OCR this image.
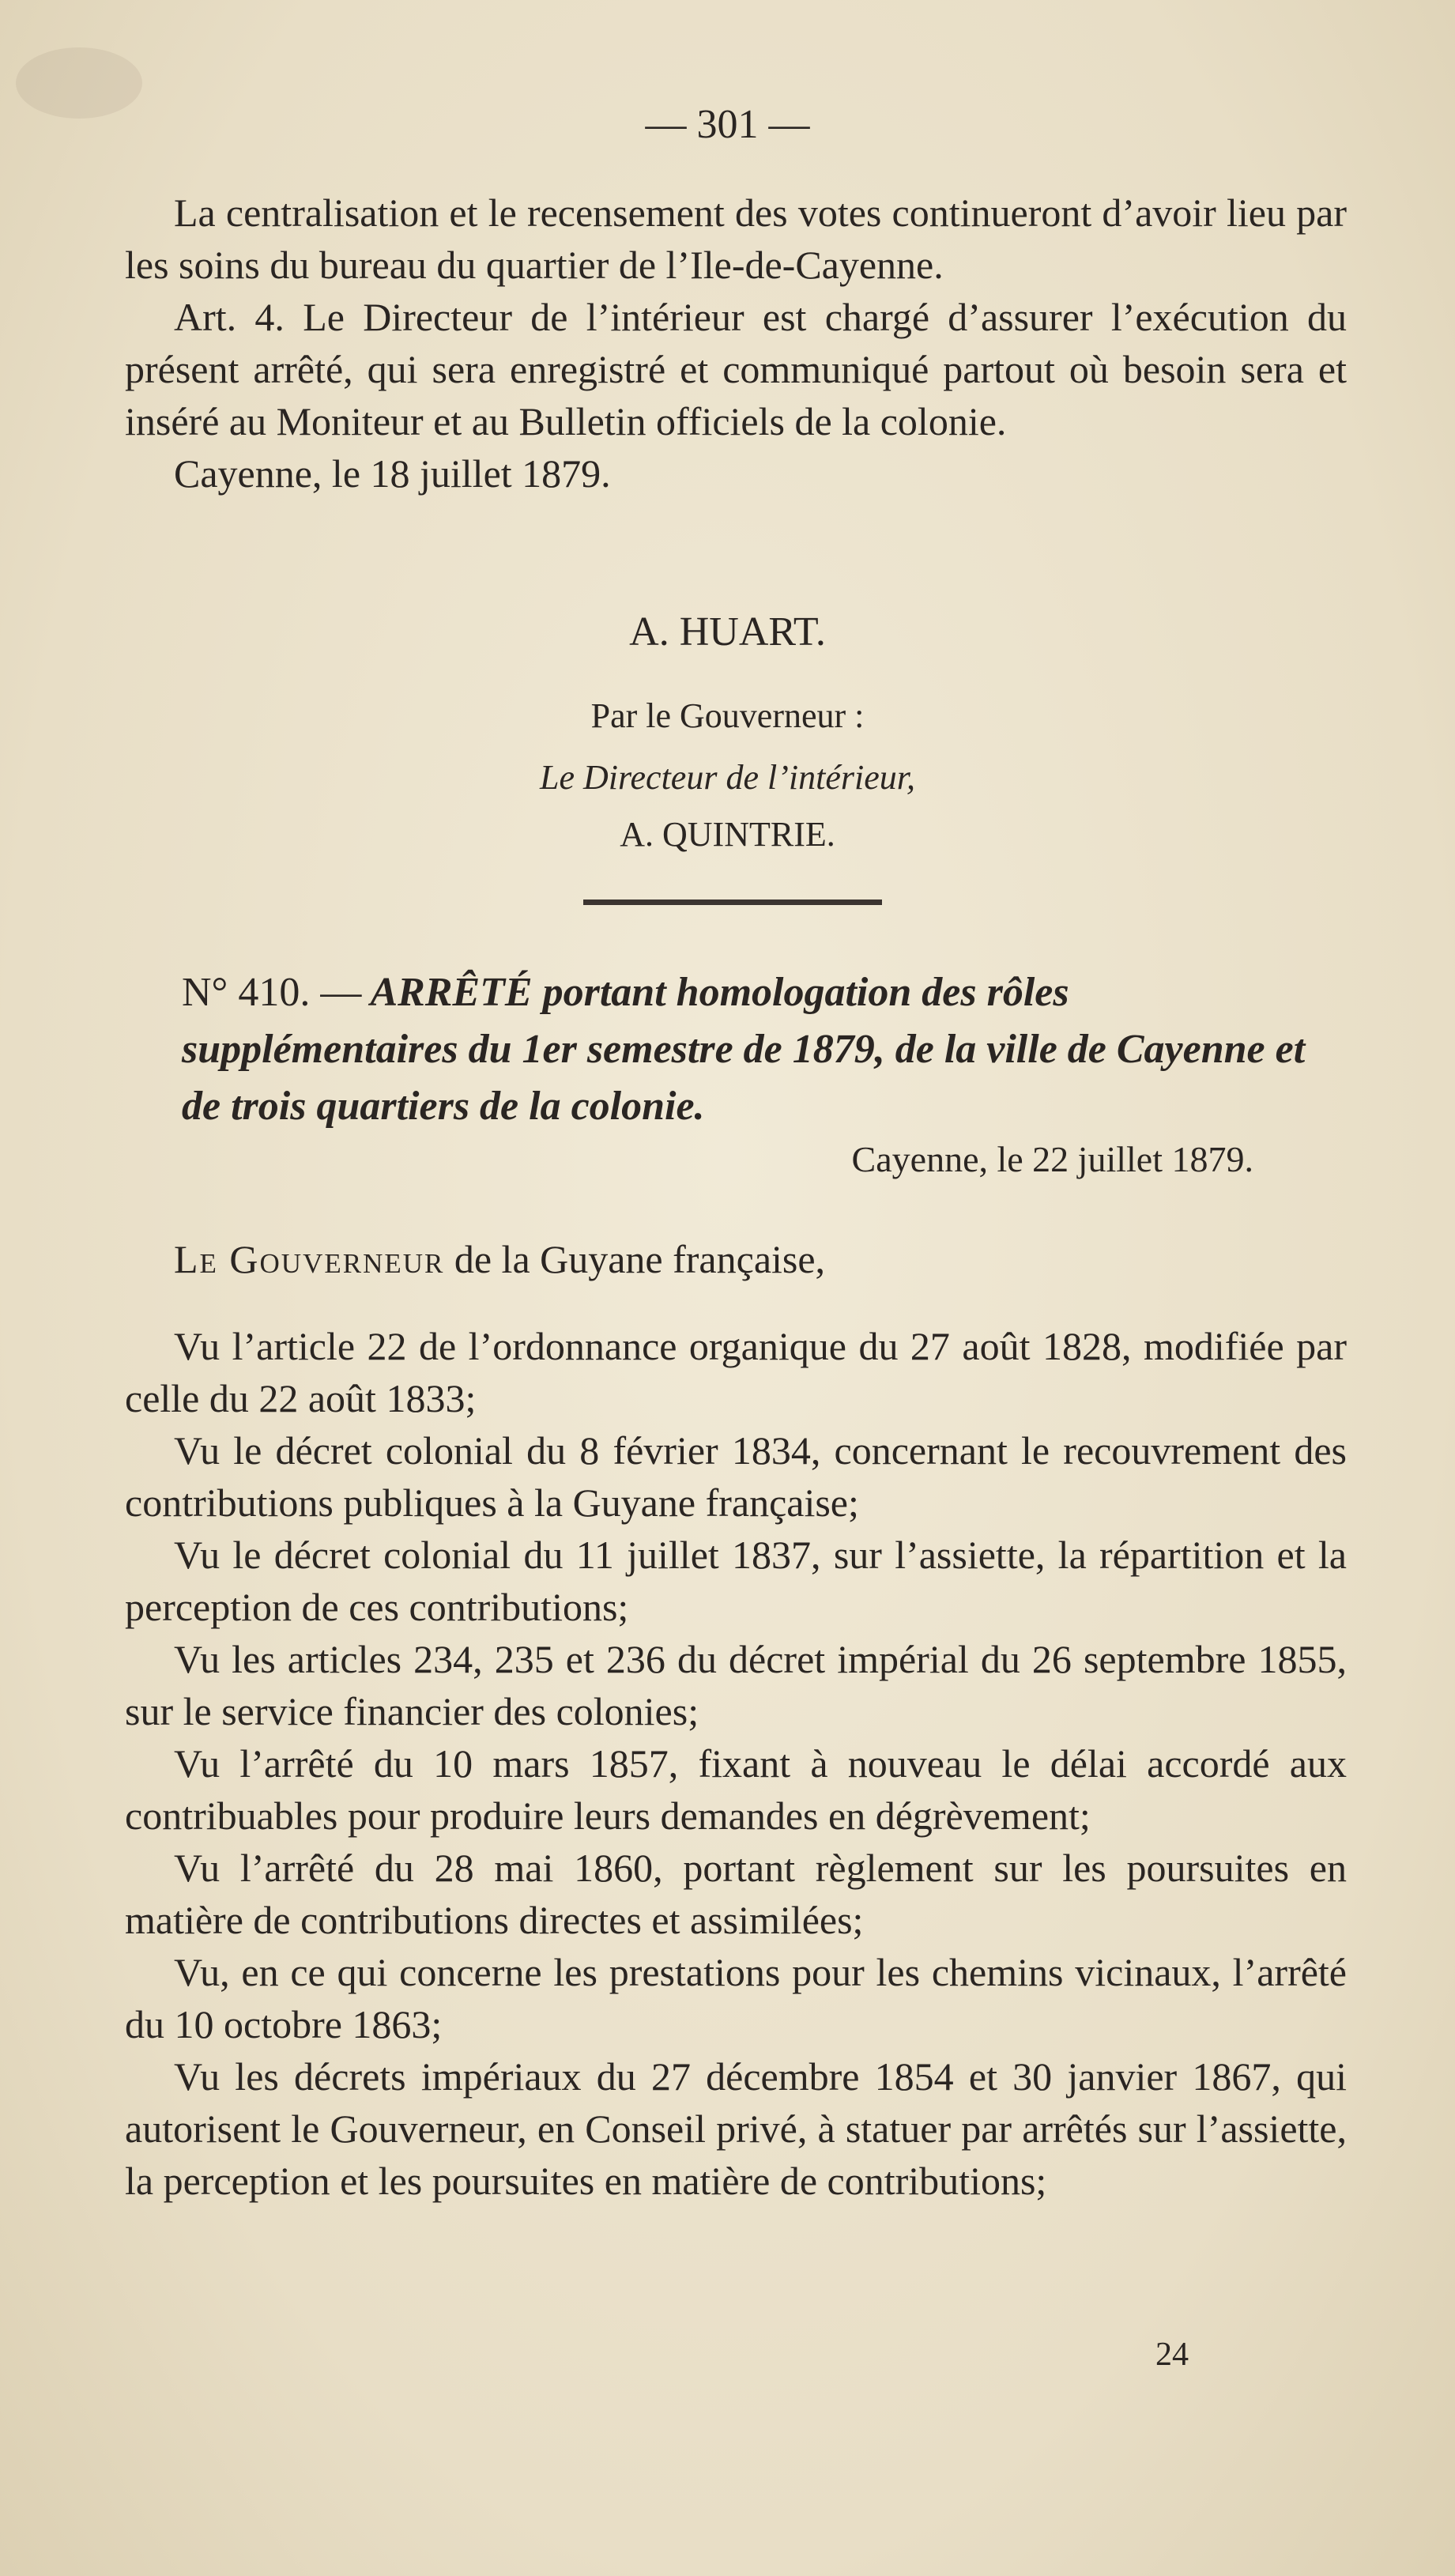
— 301 —

La centralisation et le recensement des votes continueront d’avoir lieu par les soins du bureau du quartier de l’Ile-de-Cayenne.

Art. 4. Le Directeur de l’intérieur est chargé d’assurer l’exécution du présent arrêté, qui sera enregistré et communiqué partout où besoin sera et inséré au Moniteur et au Bulletin officiels de la colonie.

Cayenne, le 18 juillet 1879.

A. HUART.
Par le Gouverneur :
Le Directeur de l’intérieur,
A. QUINTRIE.
N° 410. — ARRÊTÉ portant homologation des rôles supplémentaires du 1er semestre de 1879, de la ville de Cayenne et de trois quartiers de la colonie.
Cayenne, le 22 juillet 1879.

Le Gouverneur de la Guyane française,

Vu l’article 22 de l’ordonnance organique du 27 août 1828, modifiée par celle du 22 août 1833;

Vu le décret colonial du 8 février 1834, concernant le recouvrement des contributions publiques à la Guyane française;

Vu le décret colonial du 11 juillet 1837, sur l’assiette, la répartition et la perception de ces contributions;

Vu les articles 234, 235 et 236 du décret impérial du 26 septembre 1855, sur le service financier des colonies;

Vu l’arrêté du 10 mars 1857, fixant à nouveau le délai accordé aux contribuables pour produire leurs demandes en dégrèvement;

Vu l’arrêté du 28 mai 1860, portant règlement sur les poursuites en matière de contributions directes et assimilées;

Vu, en ce qui concerne les prestations pour les chemins vicinaux, l’arrêté du 10 octobre 1863;

Vu les décrets impériaux du 27 décembre 1854 et 30 janvier 1867, qui autorisent le Gouverneur, en Conseil privé, à statuer par arrêtés sur l’assiette, la perception et les poursuites en matière de contributions;

24
